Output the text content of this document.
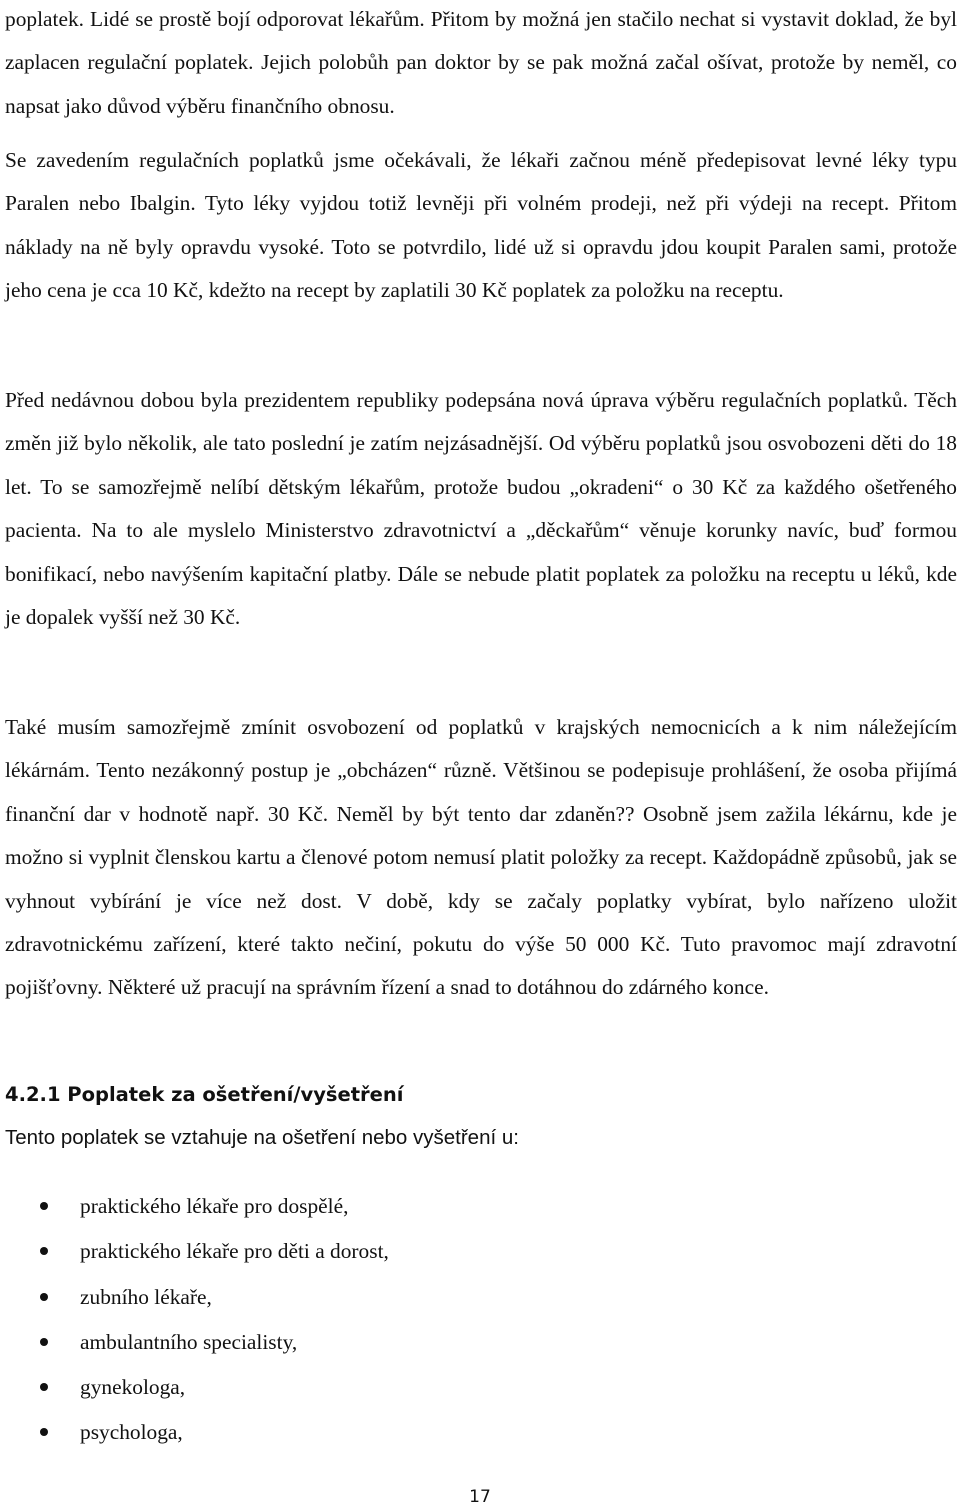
poplatek. Lidé se prostě bojí odporovat lékařům. Přitom by možná jen stačilo nechat si vystavit doklad, že byl zaplacen regulační poplatek. Jejich polobůh pan doktor by se pak možná začal ošívat, protože by neměl, co napsat jako důvod výběru finančního obnosu.

Se zavedením regulačních poplatků jsme očekávali, že lékaři začnou méně předepisovat levné léky typu Paralen nebo Ibalgin. Tyto léky vyjdou totiž levněji při volném prodeji, než při výdeji na recept. Přitom náklady na ně byly opravdu vysoké. Toto se potvrdilo, lidé už si opravdu jdou koupit Paralen sami, protože jeho cena je cca 10 Kč, kdežto na recept by zaplatili 30 Kč poplatek za položku na receptu.

Před nedávnou dobou byla prezidentem republiky podepsána nová úprava výběru regulačních poplatků. Těch změn již bylo několik, ale tato poslední je zatím nejzásadnější. Od výběru poplatků jsou osvobozeni děti do 18 let. To se samozřejmě nelíbí dětským lékařům, protože budou „okradeni“ o 30 Kč za každého ošetřeného pacienta. Na to ale myslelo Ministerstvo zdravotnictví a „děckařům“ věnuje korunky navíc, buď formou bonifikací, nebo navýšením kapitační platby. Dále se nebude platit poplatek za položku na receptu u léků, kde je dopalek vyšší než 30 Kč.

Také musím samozřejmě zmínit osvobození od poplatků v krajských nemocnicích a k nim náležejícím lékárnám. Tento nezákonný postup je „obcházen“ různě. Většinou se podepisuje prohlášení, že osoba přijímá finanční dar v hodnotě např. 30 Kč. Neměl by být tento dar zdaněn?? Osobně jsem zažila lékárnu, kde je možno si vyplnit členskou kartu a členové potom nemusí platit položky za recept. Každopádně způsobů, jak se vyhnout vybírání je více než dost. V době, kdy se začaly poplatky vybírat, bylo nařízeno uložit zdravotnickému zařízení, které takto nečiní, pokutu do výše 50 000 Kč. Tuto pravomoc mají zdravotní pojišťovny. Některé už pracují na správním řízení a snad to dotáhnou do zdárného konce.

4.2.1 Poplatek za ošetření/vyšetření

Tento poplatek se vztahuje na ošetření nebo vyšetření u:

praktického lékaře pro dospělé,
praktického lékaře pro děti a dorost,
zubního lékaře,
ambulantního specialisty,
gynekologa,
psychologa,
17
